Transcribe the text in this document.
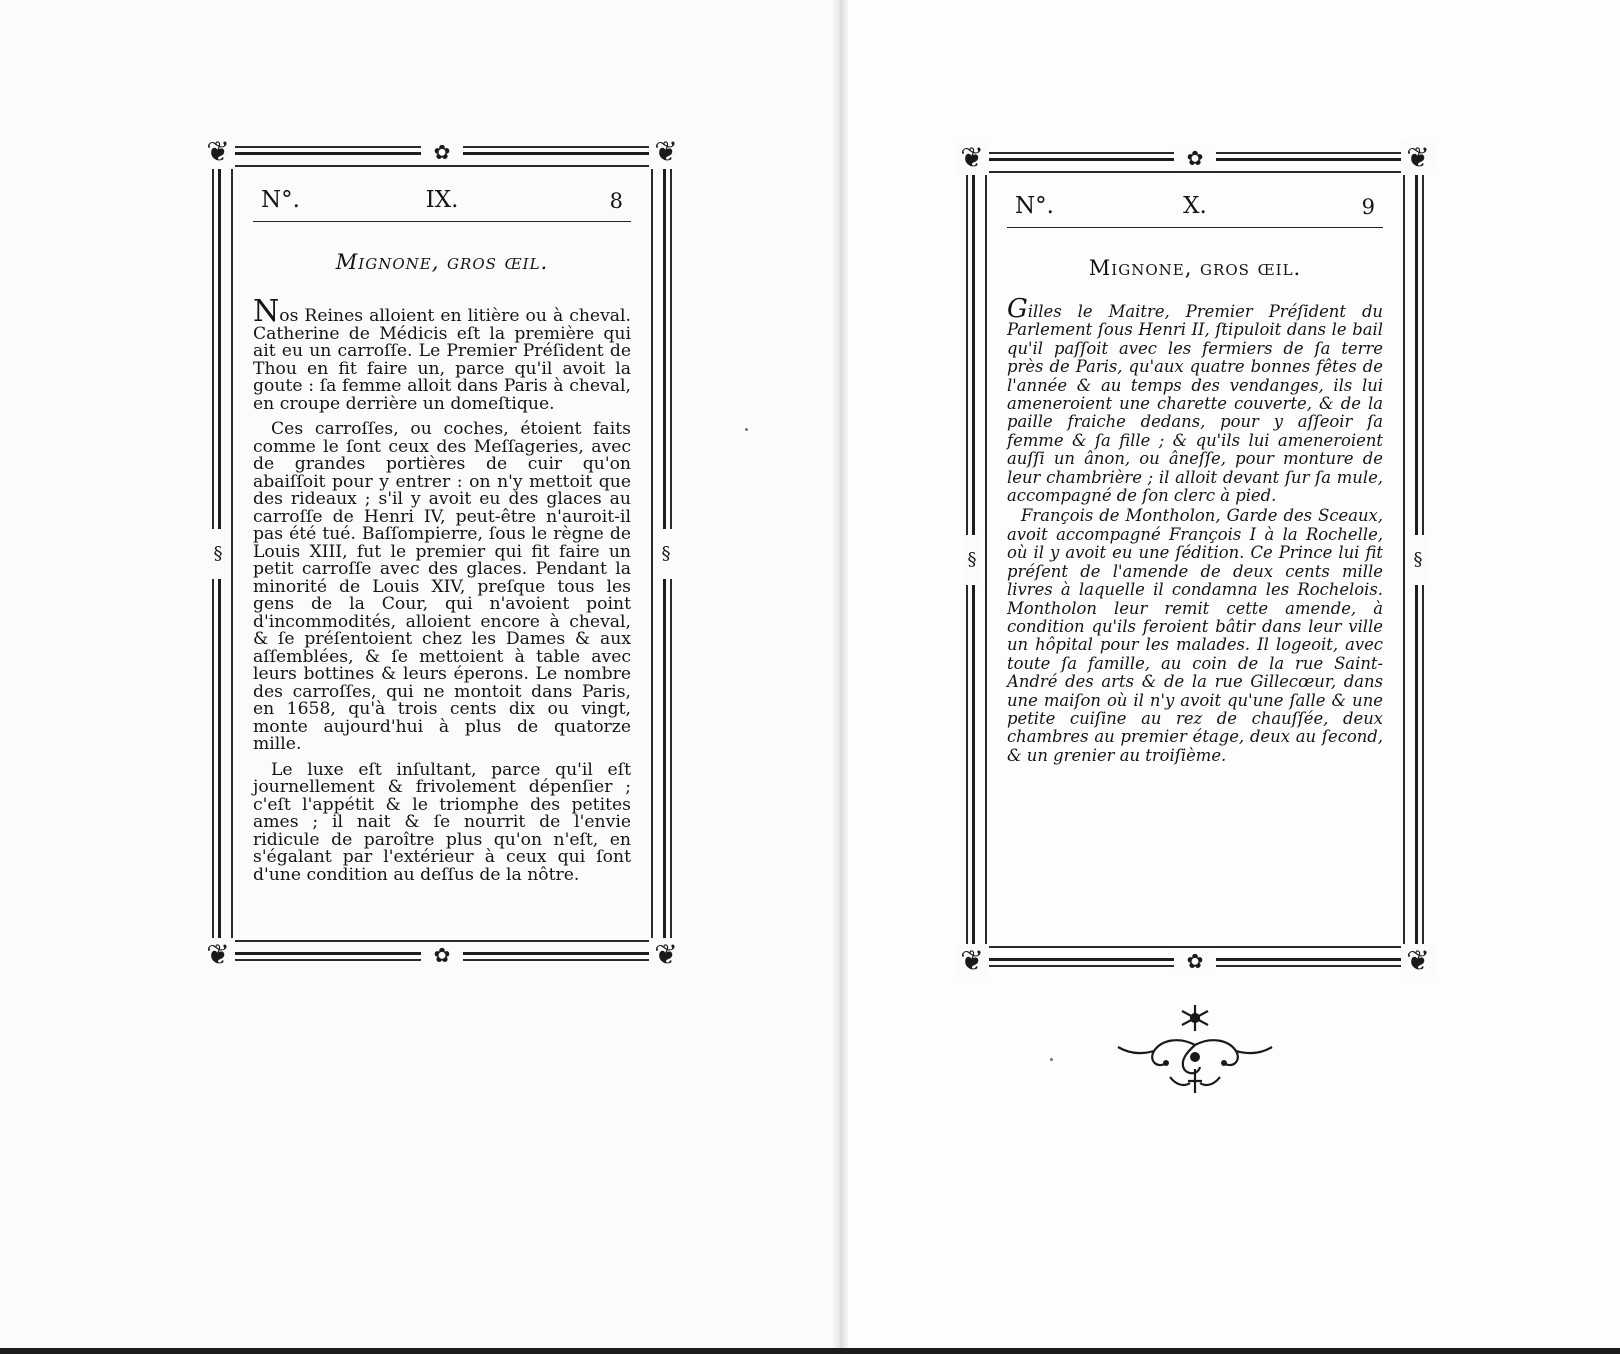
❦	❦
❦	❦
✿
✿
§	§
N°.	IX.	8
Mignone, gros œil.

Nos Reines alloient en litière ou à cheval. Catherine de Médicis eſt la première qui ait eu un carroſſe. Le Premier Préſident de Thou en fit faire un, parce qu'il avoit la goute : ſa femme alloit dans Paris à cheval, en croupe derrière un domeſtique.

Ces carroſſes, ou coches, étoient faits comme le ſont ceux des Meſſageries, avec de grandes portières de cuir qu'on abaiſſoit pour y entrer : on n'y mettoit que des rideaux ; s'il y avoit eu des glaces au carroſſe de Henri IV, peut-être n'auroit-il pas été tué. Baſſompierre, ſous le règne de Louis XIII, fut le premier qui fit faire un petit carroſſe avec des glaces. Pendant la minorité de Louis XIV, preſque tous les gens de la Cour, qui n'avoient point d'incommodités, alloient encore à cheval, & ſe préſentoient chez les Dames & aux aſſemblées, & ſe mettoient à table avec leurs bottines & leurs éperons. Le nombre des carroſſes, qui ne montoit dans Paris, en 1658, qu'à trois cents dix ou vingt, monte aujourd'hui à plus de quatorze mille.

Le luxe eſt inſultant, parce qu'il eſt journellement & frivolement dépenſier ; c'eſt l'appétit & le triomphe des petites ames ; il nait & ſe nourrit de l'envie ridicule de paroître plus qu'on n'eſt, en s'égalant par l'extérieur à ceux qui ſont d'une condition au deſſus de la nôtre.

❦	❦
❦	❦
✿
✿
§	§
N°.	X.	9
Mignone, gros œil.

Gilles le Maitre, Premier Préſident du Parlement ſous Henri II, ſtipuloit dans le bail qu'il paſſoit avec les fermiers de ſa terre près de Paris, qu'aux quatre bonnes fêtes de l'année & au temps des vendanges, ils lui ameneroient une charette couverte, & de la paille fraiche dedans, pour y aſſeoir ſa femme & ſa fille ; & qu'ils lui ameneroient auſſi un ânon, ou âneſſe, pour monture de leur chambrière ; il alloit devant ſur ſa mule, accompagné de ſon clerc à pied.

François de Montholon, Garde des Sceaux, avoit accompagné François I à la Rochelle, où il y avoit eu une ſédition. Ce Prince lui fit préſent de l'amende de deux cents mille livres à laquelle il condamna les Rochelois. Montholon leur remit cette amende, à condition qu'ils feroient bâtir dans leur ville un hôpital pour les malades. Il logeoit, avec toute ſa famille, au coin de la rue Saint-André des arts & de la rue Gillecœur, dans une maiſon où il n'y avoit qu'une ſalle & une petite cuiſine au rez de chauſſée, deux chambres au premier étage, deux au ſecond, & un grenier au troiſième.
